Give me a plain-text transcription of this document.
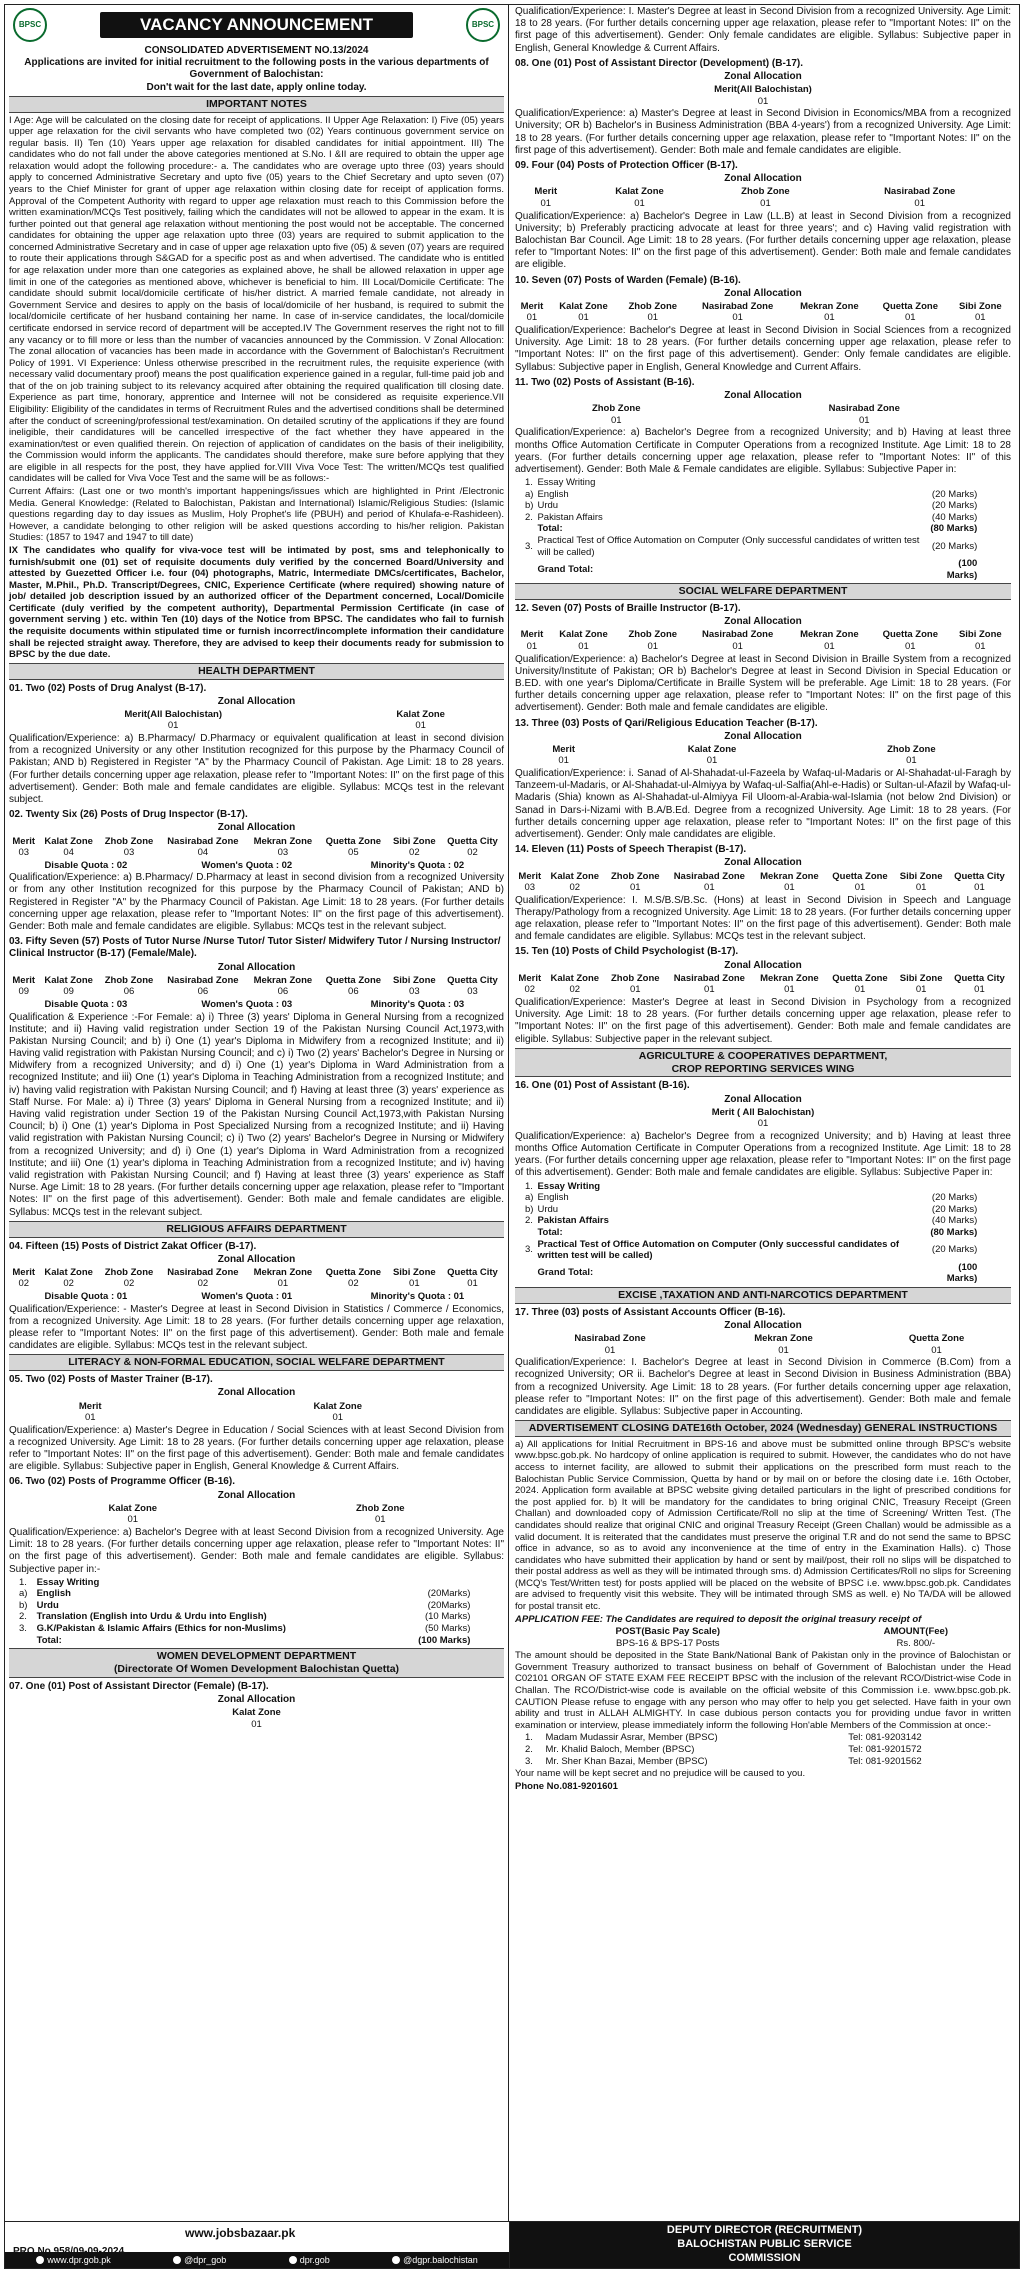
BPSC	VACANCY ANNOUNCEMENT	BPSC
CONSOLIDATED ADVERTISEMENT NO.13/2024
Applications are invited for initial recruitment to the following posts in the various departments of Government of Balochistan:
Don't wait for the last date, apply online today.
IMPORTANT NOTES

I Age: Age will be calculated on the closing date for receipt of applications. II Upper Age Relaxation: I) Five (05) years upper age relaxation for the civil servants who have completed two (02) Years continuous government service on regular basis. II) Ten (10) Years upper age relaxation for disabled candidates for initial appointment. III) The candidates who do not fall under the above categories mentioned at S.No. I &II are required to obtain the upper age relaxation would adopt the following procedure:- a. The candidates who are overage upto three (03) years should apply to concerned Administrative Secretary and upto five (05) years to the Chief Secretary and upto seven (07) years to the Chief Minister for grant of upper age relaxation within closing date for receipt of application forms. Approval of the Competent Authority with regard to upper age relaxation must reach to this Commission before the written examination/MCQs Test positively, failing which the candidates will not be allowed to appear in the exam. It is further pointed out that general age relaxation without mentioning the post would not be acceptable. The concerned candidates for obtaining the upper age relaxation upto three (03) years are required to submit application to the concerned Administrative Secretary and in case of upper age relaxation upto five (05) & seven (07) years are required to route their applications through S&GAD for a specific post as and when advertised. The candidate who is entitled for age relaxation under more than one categories as explained above, he shall be allowed relaxation in upper age limit in one of the categories as mentioned above, whichever is beneficial to him. III Local/Domicile Certificate: The candidate should submit local/domicile certificate of his/her district. A married female candidate, not already in Government Service and desires to apply on the basis of local/domicile of her husband, is required to submit the local/domicile certificate of her husband containing her name. In case of in-service candidates, the local/domicile certificate endorsed in service record of department will be accepted.IV The Government reserves the right not to fill any vacancy or to fill more or less than the number of vacancies announced by the Commission. V Zonal Allocation: The zonal allocation of vacancies has been made in accordance with the Government of Balochistan's Recruitment Policy of 1991. VI Experience: Unless otherwise prescribed in the recruitment rules, the requisite experience (with necessary valid documentary proof) means the post qualification experience gained in a regular, full-time paid job and that of the on job training subject to its relevancy acquired after obtaining the required qualification till closing date. Experience as part time, honorary, apprentice and Internee will not be considered as requisite experience.VII Eligibility: Eligibility of the candidates in terms of Recruitment Rules and the advertised conditions shall be determined after the conduct of screening/professional test/examination. On detailed scrutiny of the applications if they are found ineligible, their candidatures will be cancelled irrespective of the fact whether they have appeared in the examination/test or even qualified therein. On rejection of application of candidates on the basis of their ineligibility, the Commission would inform the applicants. The candidates should therefore, make sure before applying that they are eligible in all respects for the post, they have applied for.VIII Viva Voce Test: The written/MCQs test qualified candidates will be called for Viva Voce Test and the same will be as follows:-

Current Affairs: (Last one or two month's important happenings/issues which are highlighted in Print /Electronic Media. General Knowledge: (Related to Balochistan, Pakistan and International) Islamic/Religious Studies: (Islamic questions regarding day to day issues as Muslim, Holy Prophet's life (PBUH) and period of Khulafa-e-Rashideen). However, a candidate belonging to other religion will be asked questions according to his/her religion. Pakistan Studies: (1857 to 1947 and 1947 to till date)

IX The candidates who qualify for viva-voce test will be intimated by post, sms and telephonically to furnish/submit one (01) set of requisite documents duly verified by the concerned Board/University and attested by Guezetted Officer i.e. four (04) photographs, Matric, Intermediate DMCs/certificates, Bachelor, Master, M.Phil., Ph.D. Transcript/Degrees, CNIC, Experience Certificate (where required) showing nature of job/ detailed job description issued by an authorized officer of the Department concerned, Local/Domicile Certificate (duly verified by the competent authority), Departmental Permission Certificate (in case of government serving ) etc. within Ten (10) days of the Notice from BPSC. The candidates who fail to furnish the requisite documents within stipulated time or furnish incorrect/incomplete information their candidature shall be rejected straight away. Therefore, they are advised to keep their documents ready for submission to BPSC by the due date.

HEALTH DEPARTMENT
01. Two (02) Posts of Drug Analyst (B-17).
Zonal Allocation
Merit(All Balochistan)	Kalat Zone
01	01

Qualification/Experience: a) B.Pharmacy/ D.Pharmacy or equivalent qualification at least in second division from a recognized University or any other Institution recognized for this purpose by the Pharmacy Council of Pakistan; AND b) Registered in Register "A" by the Pharmacy Council of Pakistan. Age Limit: 18 to 28 years. (For further details concerning upper age relaxation, please refer to "Important Notes: II" on the first page of this advertisement). Gender: Both male and female candidates are eligible. Syllabus: MCQs test in the relevant subject.

02. Twenty Six (26) Posts of Drug Inspector (B-17).
Zonal Allocation
Merit	Kalat Zone	Zhob Zone	Nasirabad Zone	Mekran Zone	Quetta Zone	Sibi Zone	Quetta City
03	04	03	04	03	05	02	02
Disable Quota : 02	Women's Quota : 02	Minority's Quota : 02

Qualification/Experience: a) B.Pharmacy/ D.Pharmacy at least in second division from a recognized University or from any other Institution recognized for this purpose by the Pharmacy Council of Pakistan; AND b) Registered in Register "A" by the Pharmacy Council of Pakistan. Age Limit: 18 to 28 years. (For further details concerning upper age relaxation, please refer to "Important Notes: II" on the first page of this advertisement). Gender: Both male and female candidates are eligible. Syllabus: MCQs test in the relevant subject.

03. Fifty Seven (57) Posts of Tutor Nurse /Nurse Tutor/ Tutor Sister/ Midwifery Tutor / Nursing Instructor/ Clinical Instructor (B-17) (Female/Male).
Zonal Allocation
Merit	Kalat Zone	Zhob Zone	Nasirabad Zone	Mekran Zone	Quetta Zone	Sibi Zone	Quetta City
09	09	06	06	06	06	03	03
Disable Quota : 03	Women's Quota : 03	Minority's Quota : 03

Qualification & Experience :-For Female: a) i) Three (3) years' Diploma in General Nursing from a recognized Institute; and ii) Having valid registration under Section 19 of the Pakistan Nursing Council Act,1973,with Pakistan Nursing Council; and b) i) One (1) year's Diploma in Midwifery from a recognized Institute; and ii) Having valid registration with Pakistan Nursing Council; and c) i) Two (2) years' Bachelor's Degree in Nursing or Midwifery from a recognized University; and d) i) One (1) year's Diploma in Ward Administration from a recognized Institute; and iii) One (1) year's Diploma in Teaching Administration from a recognized Institute; and iv) having valid registration with Pakistan Nursing Council; and f) Having at least three (3) years' experience as Staff Nurse. For Male: a) i) Three (3) years' Diploma in General Nursing from a recognized Institute; and ii) Having valid registration under Section 19 of the Pakistan Nursing Council Act,1973,with Pakistan Nursing Council; b) i) One (1) year's Diploma in Post Specialized Nursing from a recognized Institute; and ii) Having valid registration with Pakistan Nursing Council; c) i) Two (2) years' Bachelor's Degree in Nursing or Midwifery from a recognized University; and d) i) One (1) year's Diploma in Ward Administration from a recognized Institute; and iii) One (1) year's diploma in Teaching Administration from a recognized Institute; and iv) having valid registration with Pakistan Nursing Council; and f) Having at least three (3) years' experience as Staff Nurse. Age Limit: 18 to 28 years. (For further details concerning upper age relaxation, please refer to "Important Notes: II" on the first page of this advertisement). Gender: Both male and female candidates are eligible. Syllabus: MCQs test in the relevant subject.

RELIGIOUS AFFAIRS DEPARTMENT
04. Fifteen (15) Posts of District Zakat Officer (B-17).
Zonal Allocation
Merit	Kalat Zone	Zhob Zone	Nasirabad Zone	Mekran Zone	Quetta Zone	Sibi Zone	Quetta City
02	02	02	02	01	02	01	01
Disable Quota : 01	Women's Quota : 01	Minority's Quota : 01

Qualification/Experience: - Master's Degree at least in Second Division in Statistics / Commerce / Economics, from a recognized University. Age Limit: 18 to 28 years. (For further details concerning upper age relaxation, please refer to "Important Notes: II" on the first page of this advertisement). Gender: Both male and female candidates are eligible. Syllabus: MCQs test in the relevant subject.

LITERACY & NON-FORMAL EDUCATION, SOCIAL WELFARE DEPARTMENT
05. Two (02) Posts of Master Trainer (B-17).
Zonal Allocation
Merit	Kalat Zone
01	01

Qualification/Experience: a) Master's Degree in Education / Social Sciences with at least Second Division from a recognized University. Age Limit: 18 to 28 years. (For further details concerning upper age relaxation, please refer to "Important Notes: II" on the first page of this advertisement). Gender: Both male and female candidates are eligible. Syllabus: Subjective paper in English, General Knowledge & Current Affairs.

06. Two (02) Posts of Programme Officer (B-16).
Zonal Allocation
Kalat Zone	Zhob Zone
01	01

Qualification/Experience: a) Bachelor's Degree with at least Second Division from a recognized University. Age Limit: 18 to 28 years. (For further details concerning upper age relaxation, please refer to "Important Notes: II" on the first page of this advertisement). Gender: Both male and female candidates are eligible. Syllabus: Subjective paper in:-

1.	Essay Writing	
a)	English	(20Marks)
b)	Urdu	(20Marks)
2.	Translation (English into Urdu & Urdu into English)	(10 Marks)
3.	G.K/Pakistan & Islamic Affairs (Ethics for non-Muslims)	(50 Marks)
	Total:	(100 Marks)
WOMEN DEVELOPMENT DEPARTMENT
(Directorate Of Women Development Balochistan Quetta)
07. One (01) Post of Assistant Director (Female) (B-17).
Zonal Allocation
Kalat Zone
01

Qualification/Experience: I. Master's Degree at least in Second Division from a recognized University. Age Limit: 18 to 28 years. (For further details concerning upper age relaxation, please refer to "Important Notes: II" on the first page of this advertisement). Gender: Only female candidates are eligible. Syllabus: Subjective paper in English, General Knowledge & Current Affairs.

08. One (01) Post of Assistant Director (Development) (B-17).
Zonal Allocation
Merit(All Balochistan)
01

Qualification/Experience: a) Master's Degree at least in Second Division in Economics/MBA from a recognized University; OR b) Bachelor's in Business Administration (BBA 4-years') from a recognized University. Age Limit: 18 to 28 years. (For further details concerning upper age relaxation, please refer to "Important Notes: II" on the first page of this advertisement). Gender: Both male and female candidates are eligible.

09. Four (04) Posts of Protection Officer (B-17).
Zonal Allocation
Merit	Kalat Zone	Zhob Zone	Nasirabad Zone
01	01	01	01

Qualification/Experience: a) Bachelor's Degree in Law (LL.B) at least in Second Division from a recognized University; b) Preferably practicing advocate at least for three years'; and c) Having valid registration with Balochistan Bar Council. Age Limit: 18 to 28 years. (For further details concerning upper age relaxation, please refer to "Important Notes: II" on the first page of this advertisement). Gender: Both male and female candidates are eligible.

10. Seven (07) Posts of Warden (Female) (B-16).
Zonal Allocation
Merit	Kalat Zone	Zhob Zone	Nasirabad Zone	Mekran Zone	Quetta Zone	Sibi Zone
01	01	01	01	01	01	01

Qualification/Experience: Bachelor's Degree at least in Second Division in Social Sciences from a recognized University. Age Limit: 18 to 28 years. (For further details concerning upper age relaxation, please refer to "Important Notes: II" on the first page of this advertisement). Gender: Only female candidates are eligible. Syllabus: Subjective paper in English, General Knowledge and Current Affairs.

11. Two (02) Posts of Assistant (B-16).
Zonal Allocation
Zhob Zone	Nasirabad Zone
01	01

Qualification/Experience: a) Bachelor's Degree from a recognized University; and b) Having at least three months Office Automation Certificate in Computer Operations from a recognized Institute. Age Limit: 18 to 28 years. (For further details concerning upper age relaxation, please refer to "Important Notes: II" of this advertisement). Gender: Both Male & Female candidates are eligible. Syllabus: Subjective Paper in:

1.	Essay Writing	
a)	English	(20 Marks)
b)	Urdu	(20 Marks)
2.	Pakistan Affairs	(40 Marks)
	Total:	(80 Marks)
3.	Practical Test of Office Automation on Computer (Only successful candidates of written test will be called)	(20 Marks)
	Grand Total:	(100 Marks)
SOCIAL WELFARE DEPARTMENT
12. Seven (07) Posts of Braille Instructor (B-17).
Zonal Allocation
Merit	Kalat Zone	Zhob Zone	Nasirabad Zone	Mekran Zone	Quetta Zone	Sibi Zone
01	01	01	01	01	01	01

Qualification/Experience: a) Bachelor's Degree at least in Second Division in Braille System from a recognized University/Institute of Pakistan; OR b) Bachelor's Degree at least in Second Division in Special Education or B.ED. with one year's Diploma/Certificate in Braille System will be preferable. Age Limit: 18 to 28 years. (For further details concerning upper age relaxation, please refer to "Important Notes: II" on the first page of this advertisement). Gender: Both male and female candidates are eligible.

13. Three (03) Posts of Qari/Religious Education Teacher (B-17).
Zonal Allocation
Merit	Kalat Zone	Zhob Zone
01	01	01

Qualification/Experience: i. Sanad of Al-Shahadat-ul-Fazeela by Wafaq-ul-Madaris or Al-Shahadat-ul-Faragh by Tanzeem-ul-Madaris, or Al-Shahadat-ul-Almiyya by Wafaq-ul-Salfia(Ahl-e-Hadis) or Sultan-ul-Afazil by Wafaq-ul-Madaris (Shia) known as Al-Shahadat-ul-Almiyya Fil Uloom-al-Arabia-wal-Islamia (not below 2nd Division) or Sanad in Dars-i-Nizami with B.A/B.Ed. Degree from a recognized University. Age Limit: 18 to 28 years. (For further details concerning upper age relaxation, please refer to "Important Notes: II" on the first page of this advertisement). Gender: Only male candidates are eligible.

14. Eleven (11) Posts of Speech Therapist (B-17).
Zonal Allocation
Merit	Kalat Zone	Zhob Zone	Nasirabad Zone	Mekran Zone	Quetta Zone	Sibi Zone	Quetta City
03	02	01	01	01	01	01	01

Qualification/Experience: I. M.S/B.S/B.Sc. (Hons) at least in Second Division in Speech and Language Therapy/Pathology from a recognized University. Age Limit: 18 to 28 years. (For further details concerning upper age relaxation, please refer to "Important Notes: II" on the first page of this advertisement). Gender: Both male and female candidates are eligible. Syllabus: MCQs test in the relevant subject.

15. Ten (10) Posts of Child Psychologist (B-17).
Zonal Allocation
Merit	Kalat Zone	Zhob Zone	Nasirabad Zone	Mekran Zone	Quetta Zone	Sibi Zone	Quetta City
02	02	01	01	01	01	01	01

Qualification/Experience: Master's Degree at least in Second Division in Psychology from a recognized University. Age Limit: 18 to 28 years. (For further details concerning upper age relaxation, please refer to "Important Notes: II" on the first page of this advertisement). Gender: Both male and female candidates are eligible. Syllabus: Subjective paper in the relevant subject.

AGRICULTURE & COOPERATIVES DEPARTMENT,
CROP REPORTING SERVICES WING
16. One (01) Post of Assistant (B-16).
Zonal Allocation
Merit ( All Balochistan)
01

Qualification/Experience: a) Bachelor's Degree from a recognized University; and b) Having at least three months Office Automation Certificate in Computer Operations from a recognized Institute. Age Limit: 18 to 28 years. (For further details concerning upper age relaxation, please refer to "Important Notes: II" on the first page of this advertisement). Gender: Both male and female candidates are eligible. Syllabus: Subjective Paper in:

1.	Essay Writing	
a)	English	(20 Marks)
b)	Urdu	(20 Marks)
2.	Pakistan Affairs	(40 Marks)
	Total:	(80 Marks)
3.	Practical Test of Office Automation on Computer (Only successful candidates of written test will be called)	(20 Marks)
	Grand Total:	(100 Marks)
EXCISE ,TAXATION AND ANTI-NARCOTICS DEPARTMENT
17. Three (03) posts of Assistant Accounts Officer (B-16).
Zonal Allocation
Nasirabad Zone	Mekran Zone	Quetta Zone
01	01	01

Qualification/Experience: I. Bachelor's Degree at least in Second Division in Commerce (B.Com) from a recognized University; OR ii. Bachelor's Degree at least in Second Division in Business Administration (BBA) from a recognized University. Age Limit: 18 to 28 years. (For further details concerning upper age relaxation, please refer to "Important Notes: II" on the first page of this advertisement). Gender: Both male and female candidates are eligible. Syllabus: Subjective paper in Accounting.

ADVERTISEMENT CLOSING DATE16th October, 2024 (Wednesday) GENERAL INSTRUCTIONS

a) All applications for Initial Recruitment in BPS-16 and above must be submitted online through BPSC's website www.bpsc.gob.pk. No hardcopy of online application is required to submit. However, the candidates who do not have access to internet facility, are allowed to submit their applications on the prescribed form must reach to the Balochistan Public Service Commission, Quetta by hand or by mail on or before the closing date i.e. 16th October, 2024. Application form available at BPSC website giving detailed particulars in the light of prescribed conditions for the post applied for. b) It will be mandatory for the candidates to bring original CNIC, Treasury Receipt (Green Challan) and downloaded copy of Admission Certificate/Roll no slip at the time of Screening/ Written Test. (The candidates should realize that original CNIC and original Treasury Receipt (Green Challan) would be admissible as a valid document. It is reiterated that the candidates must preserve the original T.R and do not send the same to BPSC office in advance, so as to avoid any inconvenience at the time of entry in the Examination Halls). c) Those candidates who have submitted their application by hand or sent by mail/post, their roll no slips will be dispatched to their postal address as well as they will be intimated through sms. d) Admission Certificates/Roll no slips for Screening (MCQ's Test/Written test) for posts applied will be placed on the website of BPSC i.e. www.bpsc.gob.pk. Candidates are advised to frequently visit this website. They will be intimated through SMS as well. e) No TA/DA will be allowed for postal transit etc.

APPLICATION FEE: The Candidates are required to deposit the original treasury receipt of

POST(Basic Pay Scale)	AMOUNT(Fee)
BPS-16 & BPS-17 Posts	Rs. 800/-

The amount should be deposited in the State Bank/National Bank of Pakistan only in the province of Balochistan or Government Treasury authorized to transact business on behalf of Government of Balochistan under the Head C02101 ORGAN OF STATE EXAM FEE RECEIPT BPSC with the inclusion of the relevant RCO/District-wise Code in Challan. The RCO/District-wise code is available on the official website of this Commission i.e. www.bpsc.gob.pk. CAUTION Please refuse to engage with any person who may offer to help you get selected. Have faith in your own ability and trust in ALLAH ALMIGHTY. In case dubious person contacts you for providing undue favor in written examination or interview, please immediately inform the following Hon'able Members of the Commission at once:-

1.	Madam Mudassir Asrar, Member (BPSC)	Tel: 081-9203142
2.	Mr. Khalid Baloch, Member (BPSC)	Tel: 081-9201572
3.	Mr. Sher Khan Bazai, Member (BPSC)	Tel: 081-9201562

Your name will be kept secret and no prejudice will be caused to you.

Phone No.081-9201601

www.jobsbazaar.pk
www.dpr.gob.pk	@dpr_gob	dpr.gob	@dgpr.balochistan
DEPUTY DIRECTOR (RECRUITMENT)
BALOCHISTAN PUBLIC SERVICE
COMMISSION
